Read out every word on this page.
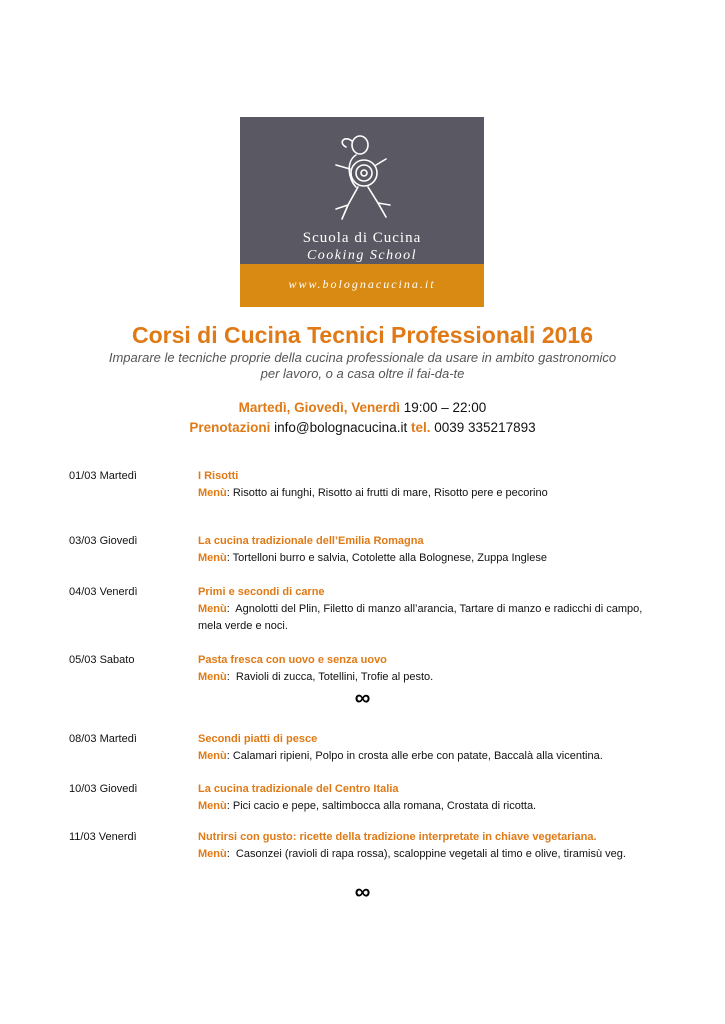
Scuola di Cucina
Cooking School
www.bolognacucina.it
Corsi di Cucina Tecnici Professionali 2016
Imparare le tecniche proprie della cucina professionale da usare in ambito gastronomico
per lavoro, o a casa oltre il fai-da-te
Martedì, Giovedì, Venerdì 19:00 – 22:00
Prenotazioni info@bolognacucina.it tel. 0039 335217893
01/03 Martedì	I Risotti
Menù: Risotto ai funghi, Risotto ai frutti di mare, Risotto pere e pecorino
03/03 Giovedì	La cucina tradizionale dell’Emilia Romagna
Menù: Tortelloni burro e salvia, Cotolette alla Bolognese, Zuppa Inglese
04/03 Venerdì	Primi e secondi di carne
Menù:  Agnolotti del Plin, Filetto di manzo all’arancia, Tartare di manzo e radicchi di campo, mela verde e noci.
05/03 Sabato	Pasta fresca con uovo e senza uovo
Menù:  Ravioli di zucca, Totellini, Trofie al pesto.
∞
08/03 Martedì	Secondi piatti di pesce
Menù: Calamari ripieni, Polpo in crosta alle erbe con patate, Baccalà alla vicentina.
10/03 Giovedì	La cucina tradizionale del Centro Italia
Menù: Pici cacio e pepe, saltimbocca alla romana, Crostata di ricotta.
11/03 Venerdì	Nutrirsi con gusto: ricette della tradizione interpretate in chiave vegetariana.
Menù:  Casonzei (ravioli di rapa rossa), scaloppine vegetali al timo e olive, tiramisù veg.
∞
